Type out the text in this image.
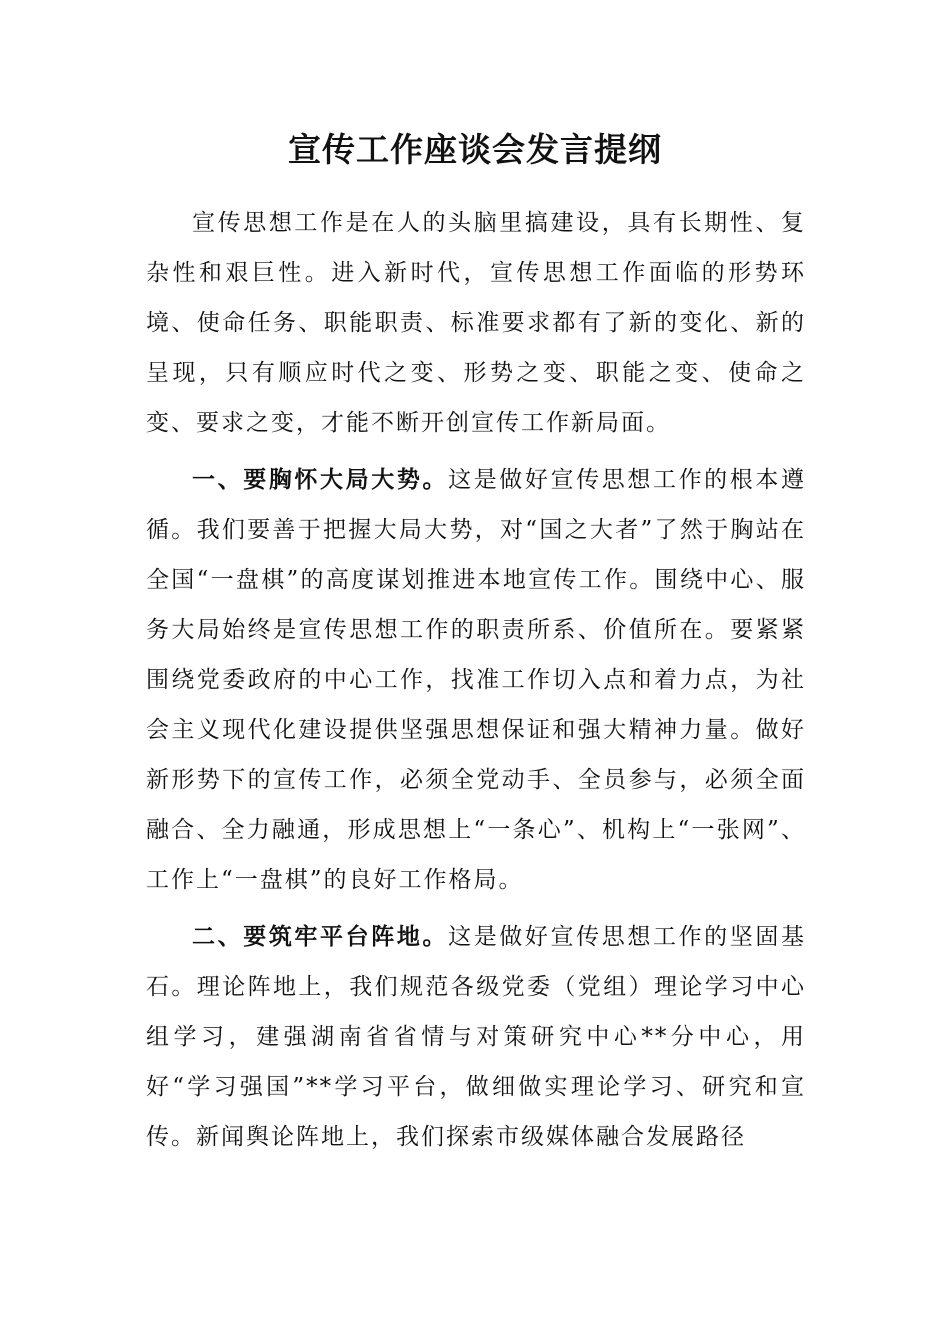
宣传工作座谈会发言提纲

宣传思想工作是在人的头脑里搞建设，具有长期性、复杂性和艰巨性。进入新时代，宣传思想工作面临的形势环境、使命任务、职能职责、标准要求都有了新的变化、新的呈现，只有顺应时代之变、形势之变、职能之变、使命之变、要求之变，才能不断开创宣传工作新局面。

一、要胸怀大局大势。这是做好宣传思想工作的根本遵循。我们要善于把握大局大势，对“国之大者”了然于胸站在全国“一盘棋”的高度谋划推进本地宣传工作。围绕中心、服务大局始终是宣传思想工作的职责所系、价值所在。要紧紧围绕党委政府的中心工作，找准工作切入点和着力点，为社会主义现代化建设提供坚强思想保证和强大精神力量。做好新形势下的宣传工作，必须全党动手、全员参与，必须全面融合、全力融通，形成思想上“一条心”、机构上“一张网”、工作上“一盘棋”的良好工作格局。

二、要筑牢平台阵地。这是做好宣传思想工作的坚固基石。理论阵地上，我们规范各级党委（党组）理论学习中心组学习，建强湖南省省情与对策研究中心**分中心，用好“学习强国”**学习平台，做细做实理论学习、研究和宣传。新闻舆论阵地上，我们探索市级媒体融合发展路径
